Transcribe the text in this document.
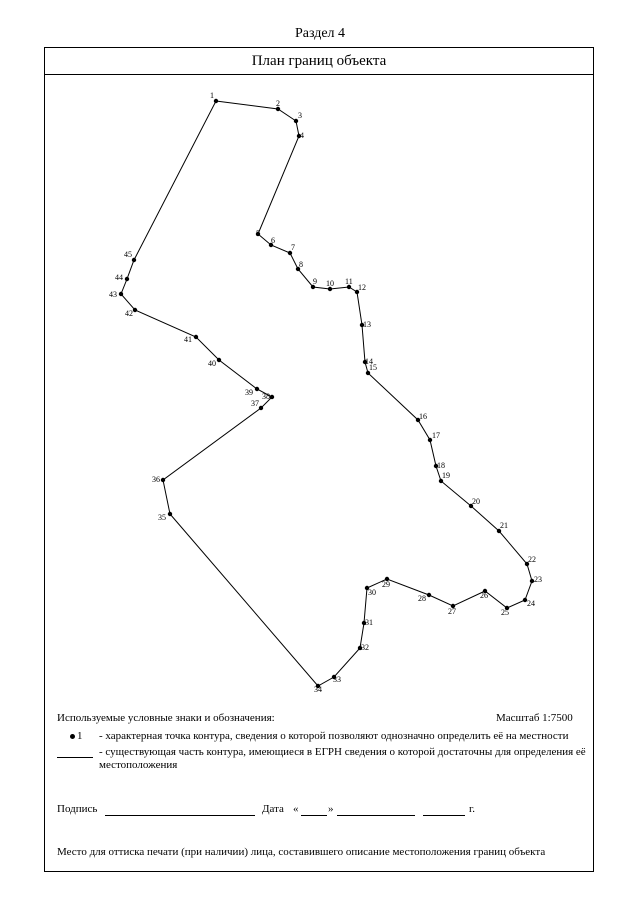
Раздел 4
План границ объекта
1
2
3
4
5
6
7
8
9 10 11
12
13
14
15
16
17
18
19
20
21
22
23
24
25
26
27
28
29
30
31
32
33
34
35
36
37
38
39
40
41
42
43
44
45
Используемые условные знаки и обозначения:	Масштаб 1:7500
1 - характерная точка контура, сведения о которой позволяют однозначно определить её на местности
- существующая часть контура, имеющиеся в ЕГРН сведения о которой достаточны для определения её местоположения
Подпись	Дата «	»	г.
Место для оттиска печати (при наличии) лица, составившего описание местоположения границ объекта
